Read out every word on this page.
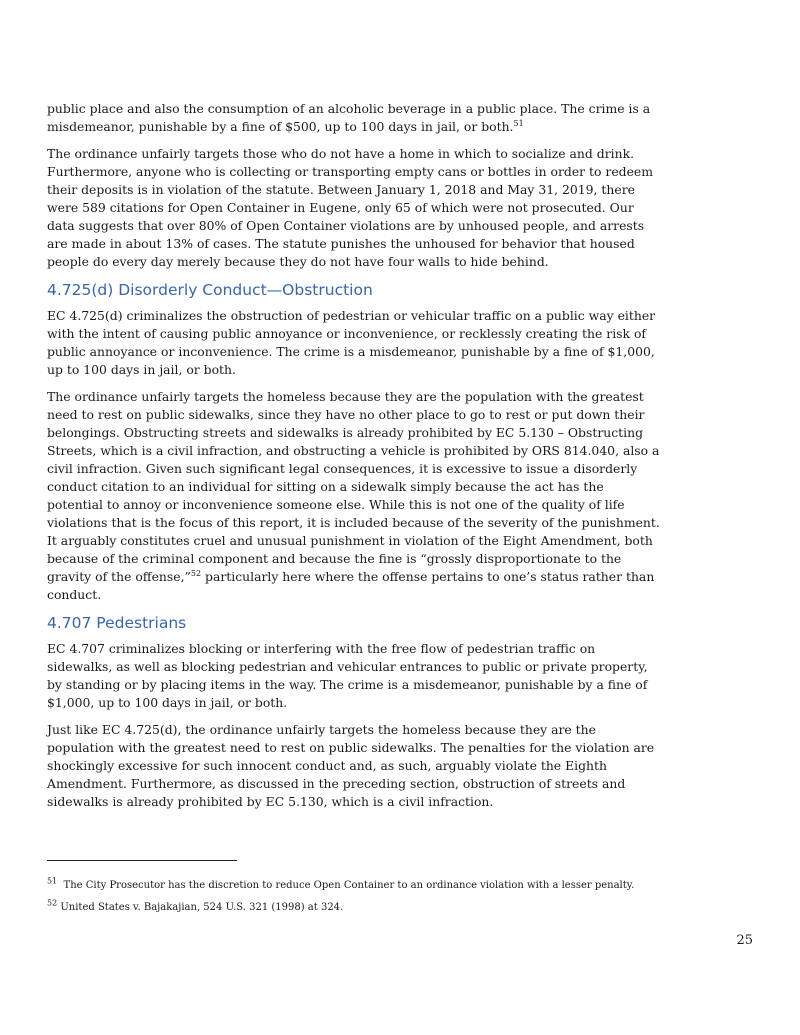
public place and also the consumption of an alcoholic beverage in a public place. The crime is a misdemeanor, punishable by a fine of $500, up to 100 days in jail, or both.$^{51}$

The ordinance unfairly targets those who do not have a home in which to socialize and drink. Furthermore, anyone who is collecting or transporting empty cans or bottles in order to redeem their deposits is in violation of the statute. Between January 1, 2018 and May 31, 2019, there were 589 citations for Open Container in Eugene, only 65 of which were not prosecuted. Our data suggests that over 80% of Open Container violations are by unhoused people, and arrests are made in about 13% of cases. The statute punishes the unhoused for behavior that housed people do every day merely because they do not have four walls to hide behind.

4.725(d) Disorderly Conduct—Obstruction

EC 4.725(d) criminalizes the obstruction of pedestrian or vehicular traffic on a public way either with the intent of causing public annoyance or inconvenience, or recklessly creating the risk of public annoyance or inconvenience. The crime is a misdemeanor, punishable by a fine of $1,000, up to 100 days in jail, or both.

The ordinance unfairly targets the homeless because they are the population with the greatest need to rest on public sidewalks, since they have no other place to go to rest or put down their belongings. Obstructing streets and sidewalks is already prohibited by EC 5.130 – Obstructing Streets, which is a civil infraction, and obstructing a vehicle is prohibited by ORS 814.040, also a civil infraction. Given such significant legal consequences, it is excessive to issue a disorderly conduct citation to an individual for sitting on a sidewalk simply because the act has the potential to annoy or inconvenience someone else. While this is not one of the quality of life violations that is the focus of this report, it is included because of the severity of the punishment. It arguably constitutes cruel and unusual punishment in violation of the Eight Amendment, both because of the criminal component and because the fine is “grossly disproportionate to the gravity of the offense,”$^{52}$ particularly here where the offense pertains to one’s status rather than conduct.

4.707 Pedestrians

EC 4.707 criminalizes blocking or interfering with the free flow of pedestrian traffic on sidewalks, as well as blocking pedestrian and vehicular entrances to public or private property, by standing or by placing items in the way. The crime is a misdemeanor, punishable by a fine of $1,000, up to 100 days in jail, or both.

Just like EC 4.725(d), the ordinance unfairly targets the homeless because they are the population with the greatest need to rest on public sidewalks. The penalties for the violation are shockingly excessive for such innocent conduct and, as such, arguably violate the Eighth Amendment. Furthermore, as discussed in the preceding section, obstruction of streets and sidewalks is already prohibited by EC 5.130, which is a civil infraction.

$^{51}$  The City Prosecutor has the discretion to reduce Open Container to an ordinance violation with a lesser penalty.
$^{52}$ United States v. Bajakajian, 524 U.S. 321 (1998) at 324.
25
